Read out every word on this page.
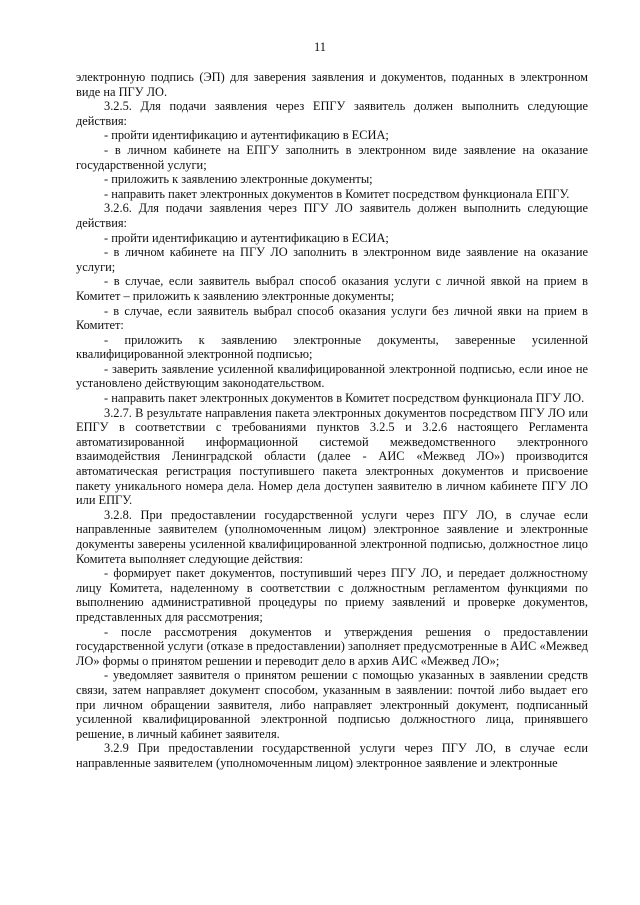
11

электронную подпись (ЭП) для заверения заявления и документов, поданных в электронном виде на ПГУ ЛО.

3.2.5. Для подачи заявления через ЕПГУ заявитель должен выполнить следующие действия:

- пройти идентификацию и аутентификацию в ЕСИА;

- в личном кабинете на ЕПГУ заполнить в электронном виде заявление на оказание государственной услуги;

- приложить к заявлению электронные документы;

- направить пакет электронных документов в Комитет посредством функционала ЕПГУ.

3.2.6. Для подачи заявления через ПГУ ЛО заявитель должен выполнить следующие действия:

- пройти идентификацию и аутентификацию в ЕСИА;

- в личном кабинете на ПГУ ЛО заполнить в электронном виде заявление на оказание услуги;

- в случае, если заявитель выбрал способ оказания услуги с личной явкой на прием в Комитет – приложить к заявлению электронные документы;

- в случае, если заявитель выбрал способ оказания услуги без личной явки на прием в Комитет:

- приложить к заявлению электронные документы, заверенные усиленной квалифицированной электронной подписью;

- заверить заявление усиленной квалифицированной электронной подписью, если иное не установлено действующим законодательством.

- направить пакет электронных документов в Комитет посредством функционала ПГУ ЛО.

3.2.7. В результате направления пакета электронных документов посредством ПГУ ЛО или ЕПГУ в соответствии с требованиями пунктов 3.2.5 и 3.2.6 настоящего Регламента автоматизированной информационной системой межведомственного электронного взаимодействия Ленинградской области (далее - АИС «Межвед ЛО») производится автоматическая регистрация поступившего пакета электронных документов и присвоение пакету уникального номера дела. Номер дела доступен заявителю в личном кабинете ПГУ ЛО или ЕПГУ.

3.2.8. При предоставлении государственной услуги через ПГУ ЛО, в случае если направленные заявителем (уполномоченным лицом) электронное заявление и электронные документы заверены усиленной квалифицированной электронной подписью, должностное лицо Комитета выполняет следующие действия:

- формирует пакет документов, поступивший через ПГУ ЛО, и передает должностному лицу Комитета, наделенному в соответствии с должностным регламентом функциями по выполнению административной процедуры по приему заявлений и проверке документов, представленных для рассмотрения;

- после рассмотрения документов и утверждения решения о предоставлении государственной услуги (отказе в предоставлении) заполняет предусмотренные в АИС «Межвед ЛО» формы о принятом решении и переводит дело в архив АИС «Межвед ЛО»;

- уведомляет заявителя о принятом решении с помощью указанных в заявлении средств связи, затем направляет документ способом, указанным в заявлении: почтой либо выдает его при личном обращении заявителя, либо направляет электронный документ, подписанный усиленной квалифицированной электронной подписью должностного лица, принявшего решение, в личный кабинет заявителя.

3.2.9 При предоставлении государственной услуги через ПГУ ЛО, в случае если направленные заявителем (уполномоченным лицом) электронное заявление и электронные
